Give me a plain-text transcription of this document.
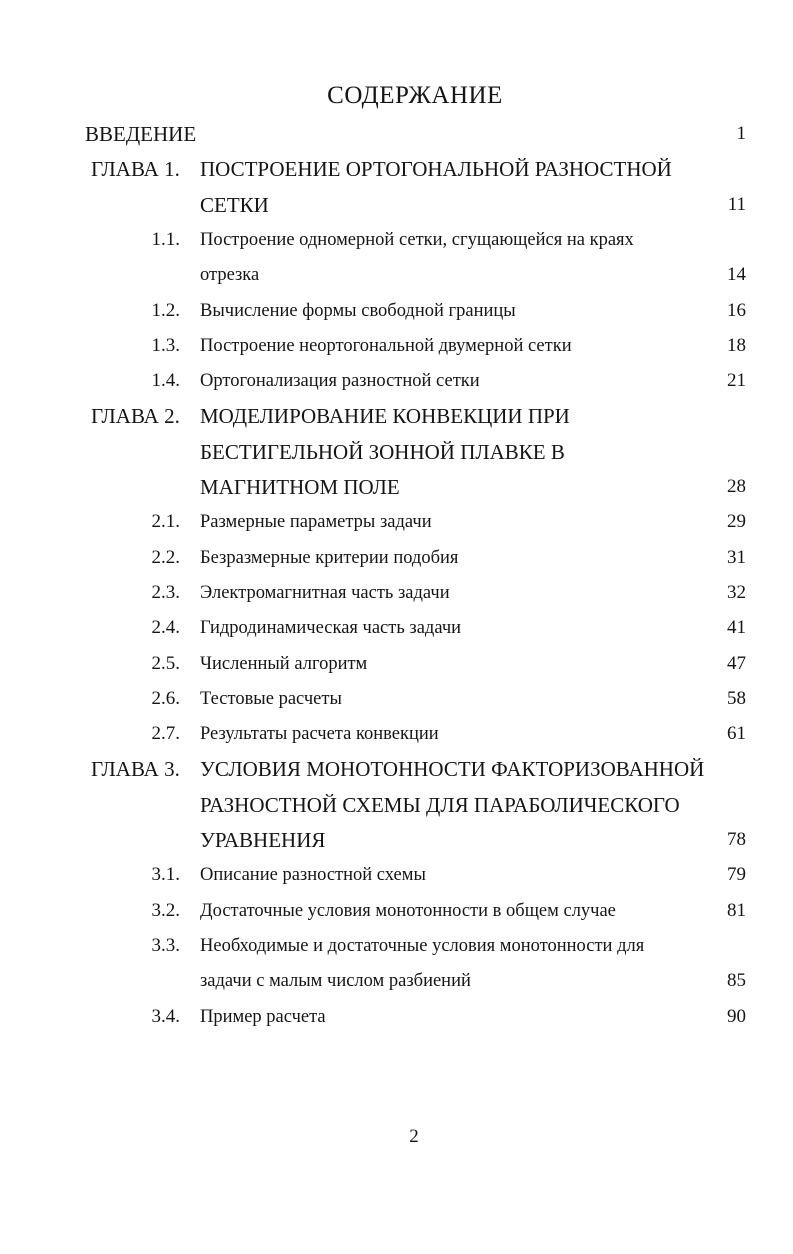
СОДЕРЖАНИЕ
ВВЕДЕНИЕ	1
ГЛАВА 1. ПОСТРОЕНИЕ ОРТОГОНАЛЬНОЙ РАЗНОСТНОЙ
СЕТКИ	11
1.1. Построение одномерной сетки, сгущающейся на краях
отрезка	14
1.2. Вычисление формы свободной границы	16
1.3. Построение неортогональной двумерной сетки	18
1.4. Ортогонализация разностной сетки	21
ГЛАВА 2. МОДЕЛИРОВАНИЕ КОНВЕКЦИИ ПРИ
БЕСТИГЕЛЬНОЙ ЗОННОЙ ПЛАВКЕ В
МАГНИТНОМ ПОЛЕ	28
2.1. Размерные параметры задачи	29
2.2. Безразмерные критерии подобия	31
2.3. Электромагнитная часть задачи	32
2.4. Гидродинамическая часть задачи	41
2.5. Численный алгоритм	47
2.6. Тестовые расчеты	58
2.7. Результаты расчета конвекции	61
ГЛАВА 3. УСЛОВИЯ МОНОТОННОСТИ ФАКТОРИЗОВАННОЙ
РАЗНОСТНОЙ СХЕМЫ ДЛЯ ПАРАБОЛИЧЕСКОГО
УРАВНЕНИЯ	78
3.1. Описание разностной схемы	79
3.2. Достаточные условия монотонности в общем случае	81
3.3. Необходимые и достаточные условия монотонности для
задачи с малым числом разбиений	85
3.4. Пример расчета	90
2
